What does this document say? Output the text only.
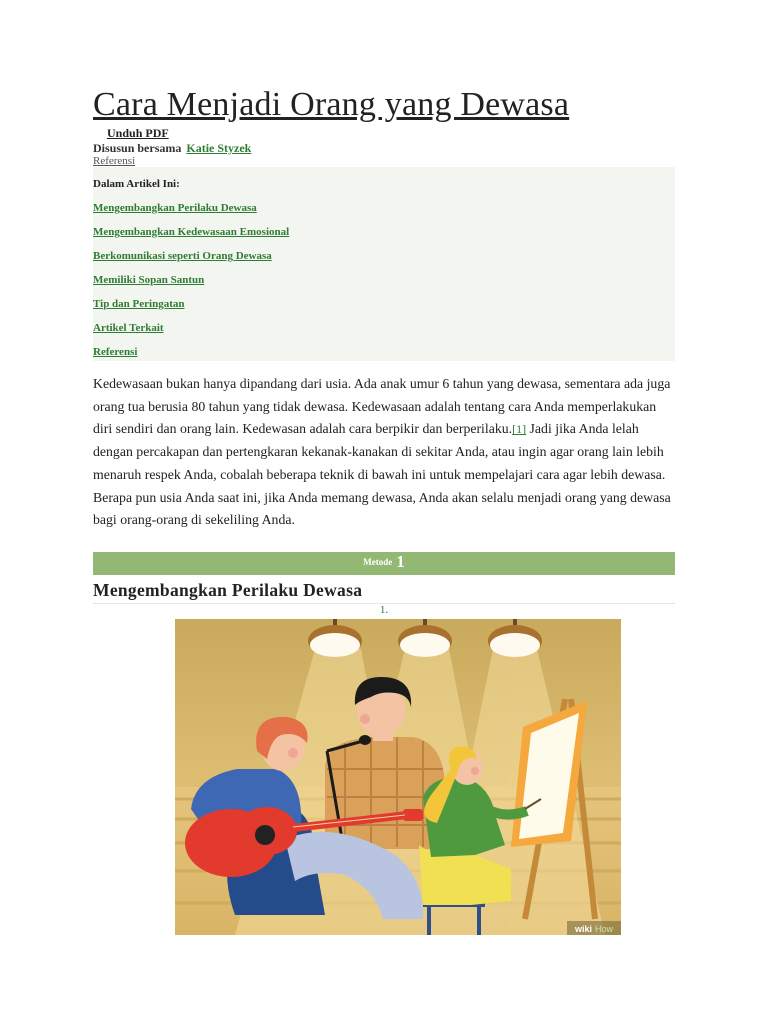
Cara Menjadi Orang yang Dewasa
Unduh PDF
Disusun bersama Katie Styzek
Referensi
Dalam Artikel Ini:
Mengembangkan Perilaku Dewasa
Mengembangkan Kedewasaan Emosional
Berkomunikasi seperti Orang Dewasa
Memiliki Sopan Santun
Tip dan Peringatan
Artikel Terkait
Referensi

Kedewasaan bukan hanya dipandang dari usia. Ada anak umur 6 tahun yang dewasa, sementara ada juga orang tua berusia 80 tahun yang tidak dewasa. Kedewasaan adalah tentang cara Anda memperlakukan diri sendiri dan orang lain. Kedewasan adalah cara berpikir dan berperilaku.[1] Jadi jika Anda lelah dengan percakapan dan pertengkaran kekanak-kanakan di sekitar Anda, atau ingin agar orang lain lebih menaruh respek Anda, cobalah beberapa teknik di bawah ini untuk mempelajari cara agar lebih dewasa. Berapa pun usia Anda saat ini, jika Anda memang dewasa, Anda akan selalu menjadi orang yang dewasa bagi orang-orang di sekeliling Anda.

Metode 1
Mengembangkan Perilaku Dewasa
1.
wiki How
